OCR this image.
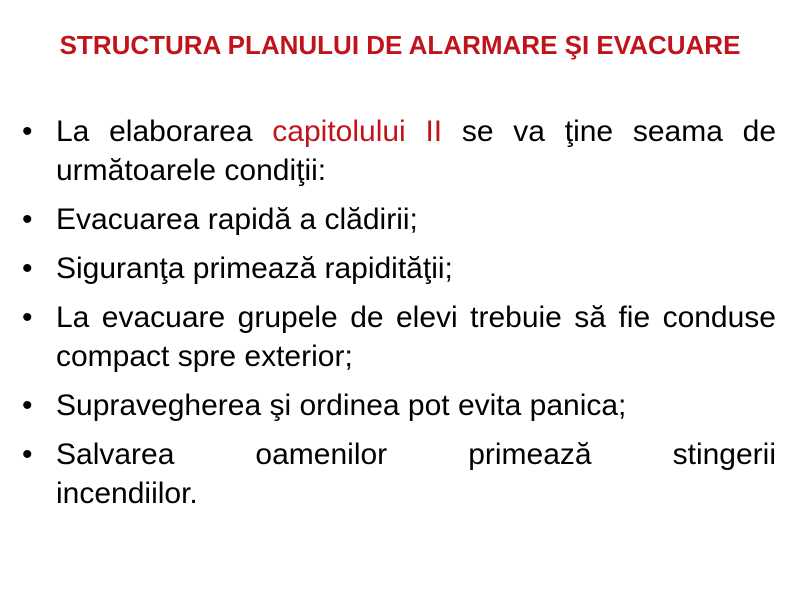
STRUCTURA PLANULUI DE ALARMARE ŞI EVACUARE
• La elaborarea capitolului II se va ţine seama de următoarele condiţii:
• Evacuarea rapidă a clădirii;
• Siguranţa primează rapidităţii;
• La evacuare grupele de elevi trebuie să fie conduse compact spre exterior;
• Supravegherea şi ordinea pot evita panica;
• Salvarea oamenilor primează stingerii
incendiilor.
